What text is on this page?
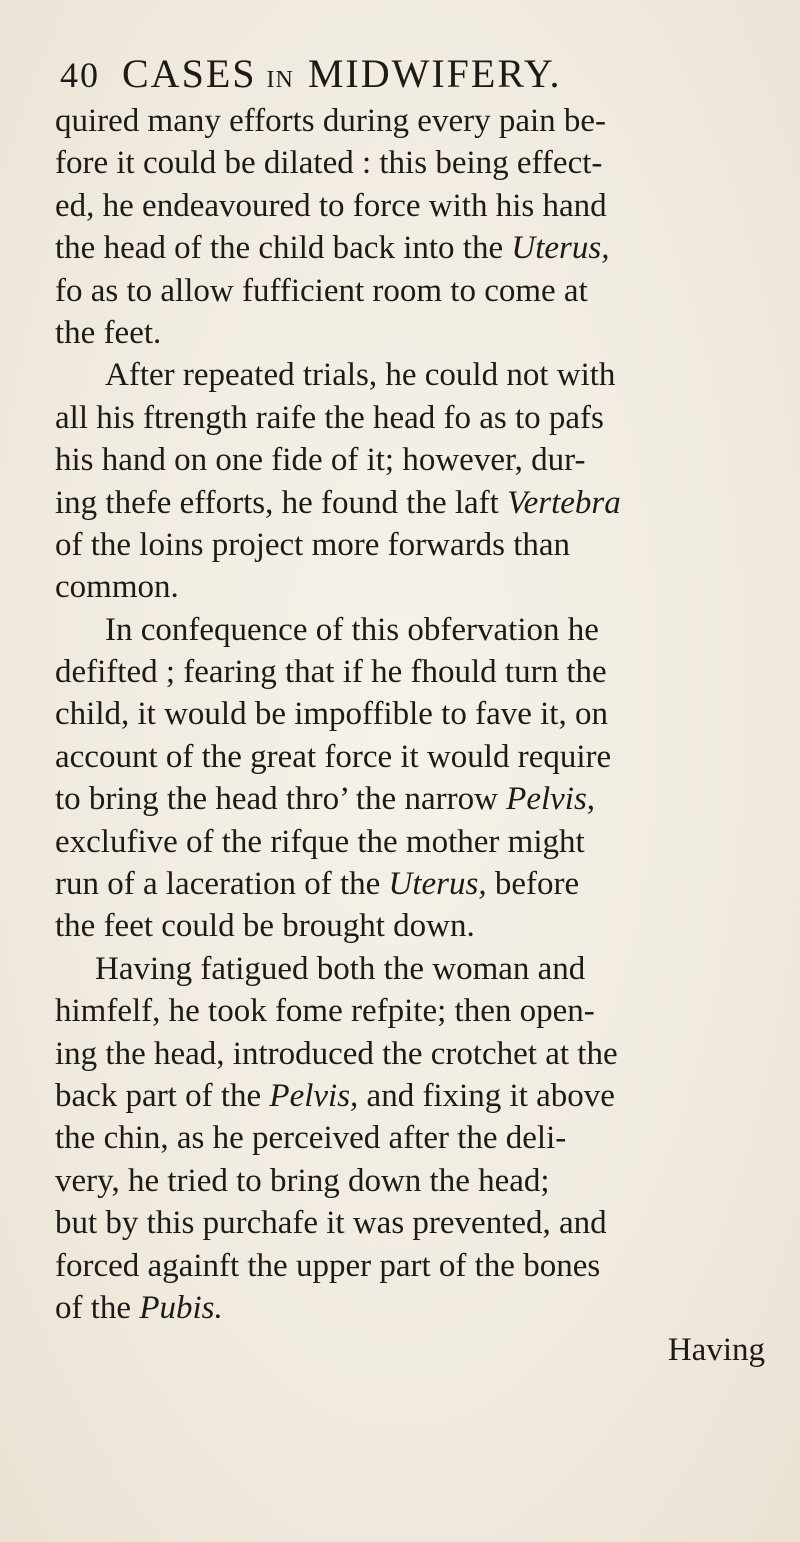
40 CASES IN MIDWIFERY.
quired many efforts during every pain be-
fore it could be dilated : this being effect-
ed, he endeavoured to force with his hand
the head of the child back into the Uterus,
fo as to allow fufficient room to come at
the feet.
After repeated trials, he could not with
all his ftrength raife the head fo as to pafs
his hand on one fide of it; however, dur-
ing thefe efforts, he found the laft Vertebra
of the loins project more forwards than
common.
In confequence of this obfervation he
defifted ; fearing that if he fhould turn the
child, it would be impoffible to fave it, on
account of the great force it would require
to bring the head thro’ the narrow Pelvis,
exclufive of the rifque the mother might
run of a laceration of the Uterus, before
the feet could be brought down.
Having fatigued both the woman and
himfelf, he took fome refpite; then open-
ing the head, introduced the crotchet at the
back part of the Pelvis, and fixing it above
the chin, as he perceived after the deli-
very, he tried to bring down the head;
but by this purchafe it was prevented, and
forced againft the upper part of the bones
of the Pubis.
Having
